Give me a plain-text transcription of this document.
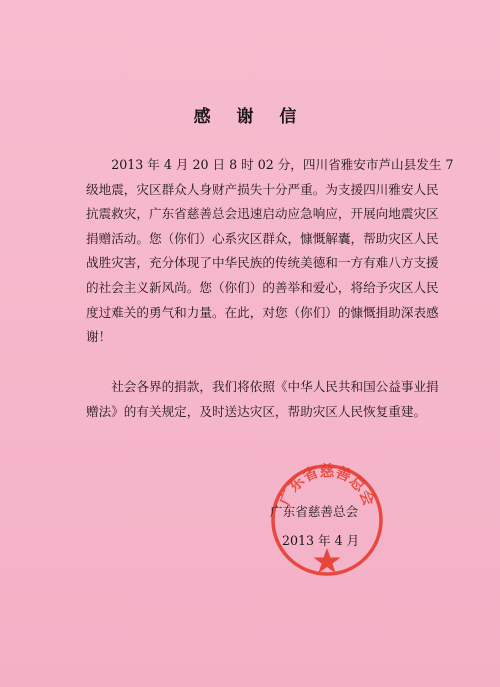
感 谢 信
2013 年 4 月 20 日 8 时 02 分，四川省雅安市芦山县发生 7
级地震，灾区群众人身财产损失十分严重。为支援四川雅安人民
抗震救灾，广东省慈善总会迅速启动应急响应，开展向地震灾区
捐赠活动。您（你们）心系灾区群众，慷慨解囊，帮助灾区人民
战胜灾害，充分体现了中华民族的传统美德和一方有难八方支援
的社会主义新风尚。您（你们）的善举和爱心，将给予灾区人民
度过难关的勇气和力量。在此，对您（你们）的慷慨捐助深表感
谢！
社会各界的捐款，我们将依照《中华人民共和国公益事业捐
赠法》的有关规定，及时送达灾区，帮助灾区人民恢复重建。
广东省慈善总会
广东省慈善总会
2013 年 4 月
